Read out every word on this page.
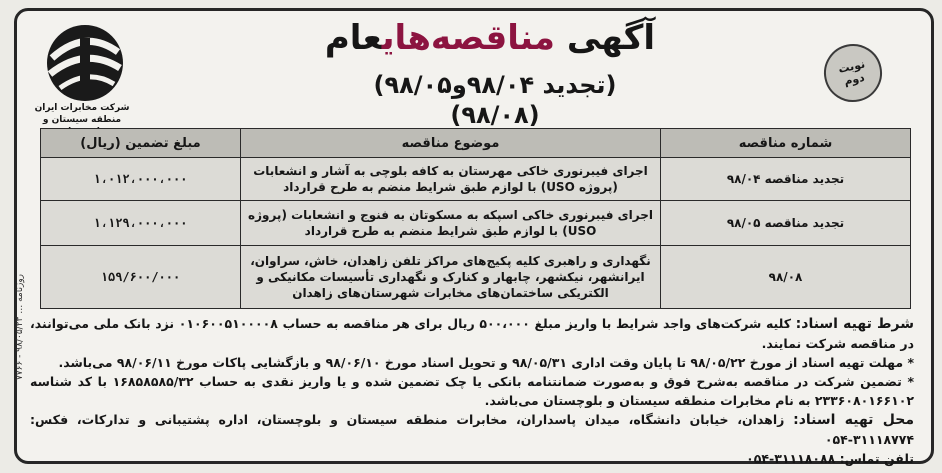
روزنامه … ۹۸/۰۵/۲۳ - ۷۷۶۶
شرکت مخابرات ایران
منطقه سیستان و
آگهی مناقصه‌هایعام
(تجدید ۹۸/۰۴و۹۸/۰۵)(۹۸/۰۸)
نوبت
دوم
شماره مناقصه	موضوع مناقصه	مبلغ تضمین (ریال)
تجدید مناقصه ۹۸/۰۴	اجرای فیبرنوری خاکی مهرستان به کافه بلوچی به آشار و انشعابات (پروژه USO) با لوازم طبق شرایط منضم به طرح قرارداد	۱،۰۱۲،۰۰۰،۰۰۰
تجدید مناقصه ۹۸/۰۵	اجرای فیبرنوری خاکی اسپکه به مسکوتان به فنوج و انشعابات (پروژه USO) با لوازم طبق شرایط منضم به طرح قرارداد	۱،۱۲۹،۰۰۰،۰۰۰
۹۸/۰۸	نگهداری و راهبری کلیه پکیج‌های مراکز تلفن زاهدان، خاش، سراوان، ایرانشهر، نیکشهر، چابهار و کنارک و نگهداری تأسیسات مکانیکی و الکتریکی ساختمان‌های مخابرات شهرستان‌های زاهدان	۱۵۹/۶۰۰/۰۰۰

شرط تهیه اسناد: کلیه شرکت‌های واجد شرایط با واریز مبلغ ۵۰۰،۰۰۰ ریال برای هر مناقصه به حساب ۰۱۰۶۰۰۵۱۰۰۰۰۸ نزد بانک ملی می‌توانند، در مناقصه شرکت نمایند.

* مهلت تهیه اسناد از مورخ ۹۸/۰۵/۲۲ تا پایان وقت اداری ۹۸/۰۵/۳۱ و تحویل اسناد مورخ ۹۸/۰۶/۱۰ و بازگشایی پاکات مورخ ۹۸/۰۶/۱۱ می‌باشد.

* تضمین شرکت در مناقصه به‌شرح فوق و به‌صورت ضمانتنامه بانکی یا چک تضمین شده و یا واریز نقدی به حساب ۱۶۸۵۸۵۸۵/۳۲ با کد شناسه ۲۳۳۶۰۸۰۱۶۶۱۰۲ به نام مخابرات منطقه سیستان و بلوچستان می‌باشد.

محل تهیه اسناد: زاهدان، خیابان دانشگاه، میدان پاسداران، مخابرات منطقه سیستان و بلوچستان، اداره پشتیبانی و تدارکات، فکس: ۳۱۱۱۸۷۷۴-۰۵۴

تلفن تماس: ۳۱۱۱۸۰۸۸-۰۵۴
